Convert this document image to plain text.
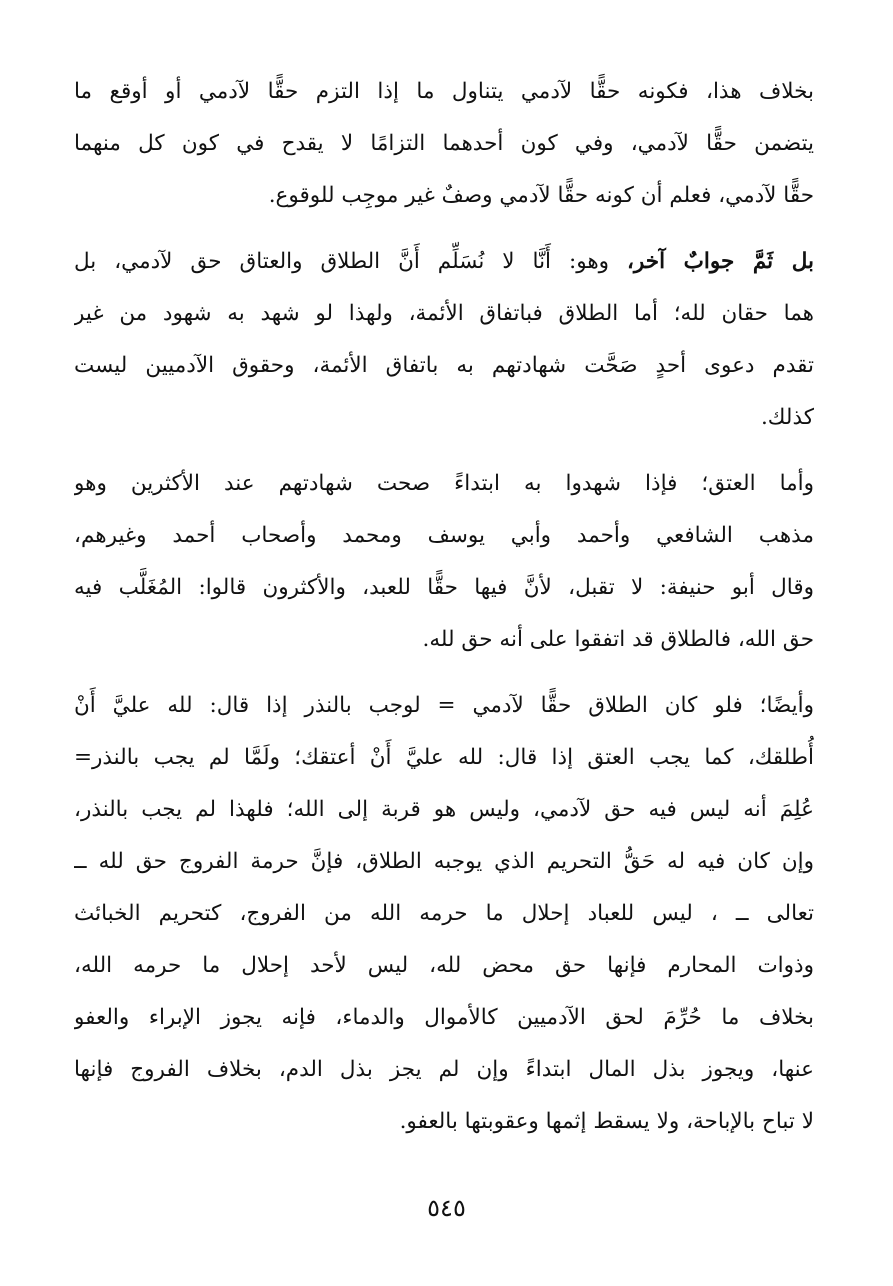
بخلاف هذا، فكونه حقًّا لآدمي يتناول ما إذا التزم حقًّا لآدمي أو أوقع ما
يتضمن حقًّا لآدمي، وفي كون أحدهما التزامًا لا يقدح في كون كل منهما
حقًّا لآدمي، فعلم أن كونه حقًّا لآدمي وصفٌ غير موجِب للوقوع.
بل ثَمَّ جوابٌ آخر، وهو: أَنَّا لا نُسَلِّم أَنَّ الطلاق والعتاق حق لآدمي، بل
هما حقان لله؛ أما الطلاق فباتفاق الأئمة، ولهذا لو شهد به شهود من غير
تقدم دعوى أحدٍ صَحَّت شهادتهم به باتفاق الأئمة، وحقوق الآدميين ليست
كذلك.
وأما العتق؛ فإذا شهدوا به ابتداءً صحت شهادتهم عند الأكثرين وهو
مذهب الشافعي وأحمد وأبي يوسف ومحمد وأصحاب أحمد وغيرهم،
وقال أبو حنيفة: لا تقبل، لأنَّ فيها حقًّا للعبد، والأكثرون قالوا: المُغَلَّب فيه
حق الله، فالطلاق قد اتفقوا على أنه حق لله.
وأيضًا؛ فلو كان الطلاق حقًّا لآدمي = لوجب بالنذر إذا قال: لله عليَّ أَنْ
أُطلقك، كما يجب العتق إذا قال: لله عليَّ أَنْ أعتقك؛ ولَمَّا لم يجب بالنذر=
عُلِمَ أنه ليس فيه حق لآدمي، وليس هو قربة إلى الله؛ فلهذا لم يجب بالنذر،
وإن كان فيه له حَقُّ التحريم الذي يوجبه الطلاق، فإنَّ حرمة الفروج حق لله ــ
تعالى ــ ، ليس للعباد إحلال ما حرمه الله من الفروج، كتحريم الخبائث
وذوات المحارم فإنها حق محض لله، ليس لأحد إحلال ما حرمه الله،
بخلاف ما حُرِّمَ لحق الآدميين كالأموال والدماء، فإنه يجوز الإبراء والعفو
عنها، ويجوز بذل المال ابتداءً وإن لم يجز بذل الدم، بخلاف الفروج فإنها
لا تباح بالإباحة، ولا يسقط إثمها وعقوبتها بالعفو.
٥٤٥
